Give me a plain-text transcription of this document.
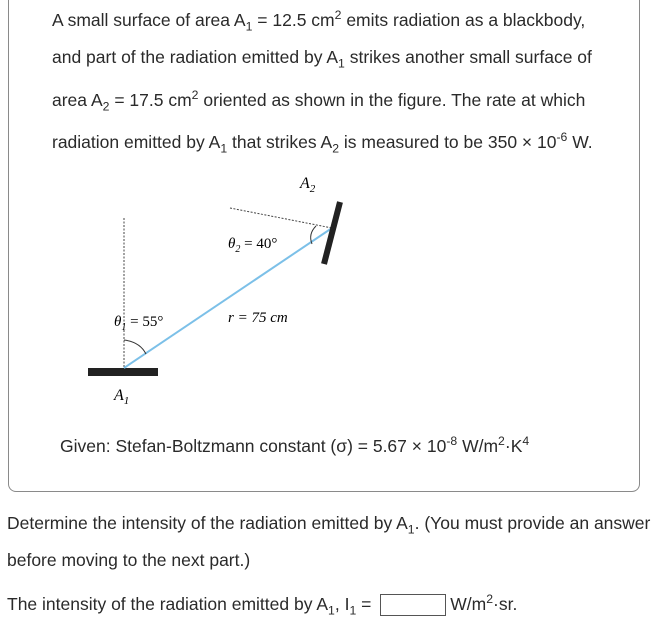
A small surface of area $A_1 = 12.5$ $cm^2$ emits radiation as a blackbody, and part of the radiation emitted by $A_1$ strikes another small surface of area $A_2 = 17.5$ $cm^2$ oriented as shown in the figure. The rate at which radiation emitted by $A_1$ that strikes $A_2$ is measured to be $350 \times 10^{-6}$ W.

$A_2$
$\theta_2 = 40^\circ$
$\theta_1 = 55^\circ$	r = 75 cm
$A_1$
Given: Stefan-Boltzmann constant $(\sigma) = 5.67 \times 10^{-8}$ $W/m^2\cdot K^4$

Determine the intensity of the radiation emitted by $A_1$. (You must provide an answer before moving to the next part.)

The intensity of the radiation emitted by $A_1$, $I_1$ =	$W/m^2\cdot sr$.
